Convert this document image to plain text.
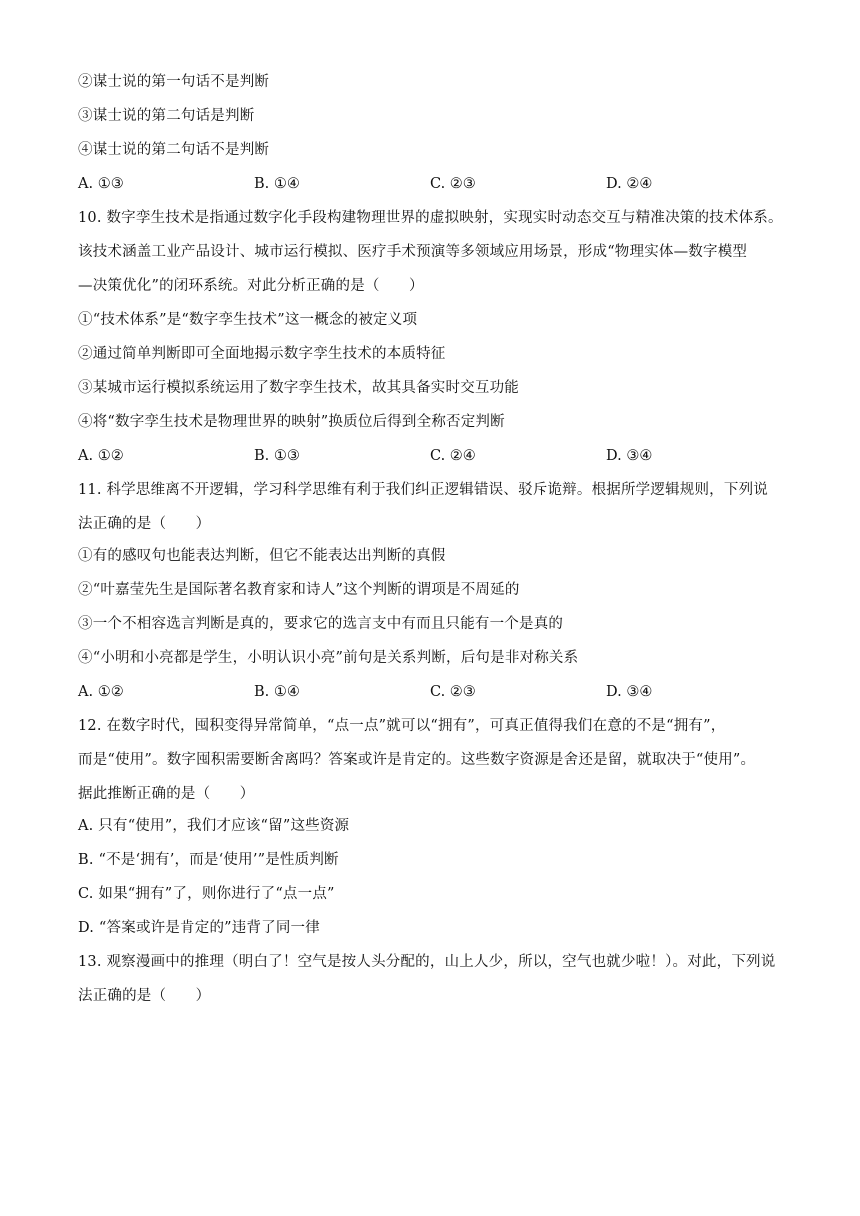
②谋士说的第一句话不是判断
③谋士说的第二句话是判断
④谋士说的第二句话不是判断
A. ①③	B. ①④	C. ②③	D. ②④
10. 数字孪生技术是指通过数字化手段构建物理世界的虚拟映射，实现实时动态交互与精准决策的技术体系。
该技术涵盖工业产品设计、城市运行模拟、医疗手术预演等多领域应用场景，形成“物理实体—数字模型
—决策优化”的闭环系统。对此分析正确的是（　　）
①“技术体系”是“数字孪生技术”这一概念的被定义项
②通过简单判断即可全面地揭示数字孪生技术的本质特征
③某城市运行模拟系统运用了数字孪生技术，故其具备实时交互功能
④将“数字孪生技术是物理世界的映射”换质位后得到全称否定判断
A. ①②	B. ①③	C. ②④	D. ③④
11. 科学思维离不开逻辑，学习科学思维有利于我们纠正逻辑错误、驳斥诡辩。根据所学逻辑规则，下列说
法正确的是（　　）
①有的感叹句也能表达判断，但它不能表达出判断的真假
②“叶嘉莹先生是国际著名教育家和诗人”这个判断的谓项是不周延的
③一个不相容选言判断是真的，要求它的选言支中有而且只能有一个是真的
④“小明和小亮都是学生，小明认识小亮”前句是关系判断，后句是非对称关系
A. ①②	B. ①④	C. ②③	D. ③④
12. 在数字时代，囤积变得异常简单，“点一点”就可以“拥有”，可真正值得我们在意的不是“拥有”，
而是“使用”。数字囤积需要断舍离吗？答案或许是肯定的。这些数字资源是舍还是留，就取决于“使用”。
据此推断正确的是（　　）
A. 只有“使用”，我们才应该“留”这些资源
B. “不是‘拥有’，而是‘使用’”是性质判断
C. 如果“拥有”了，则你进行了“点一点”
D. “答案或许是肯定的”违背了同一律
13. 观察漫画中的推理（明白了！空气是按人头分配的，山上人少，所以，空气也就少啦！）。对此，下列说
法正确的是（　　）
